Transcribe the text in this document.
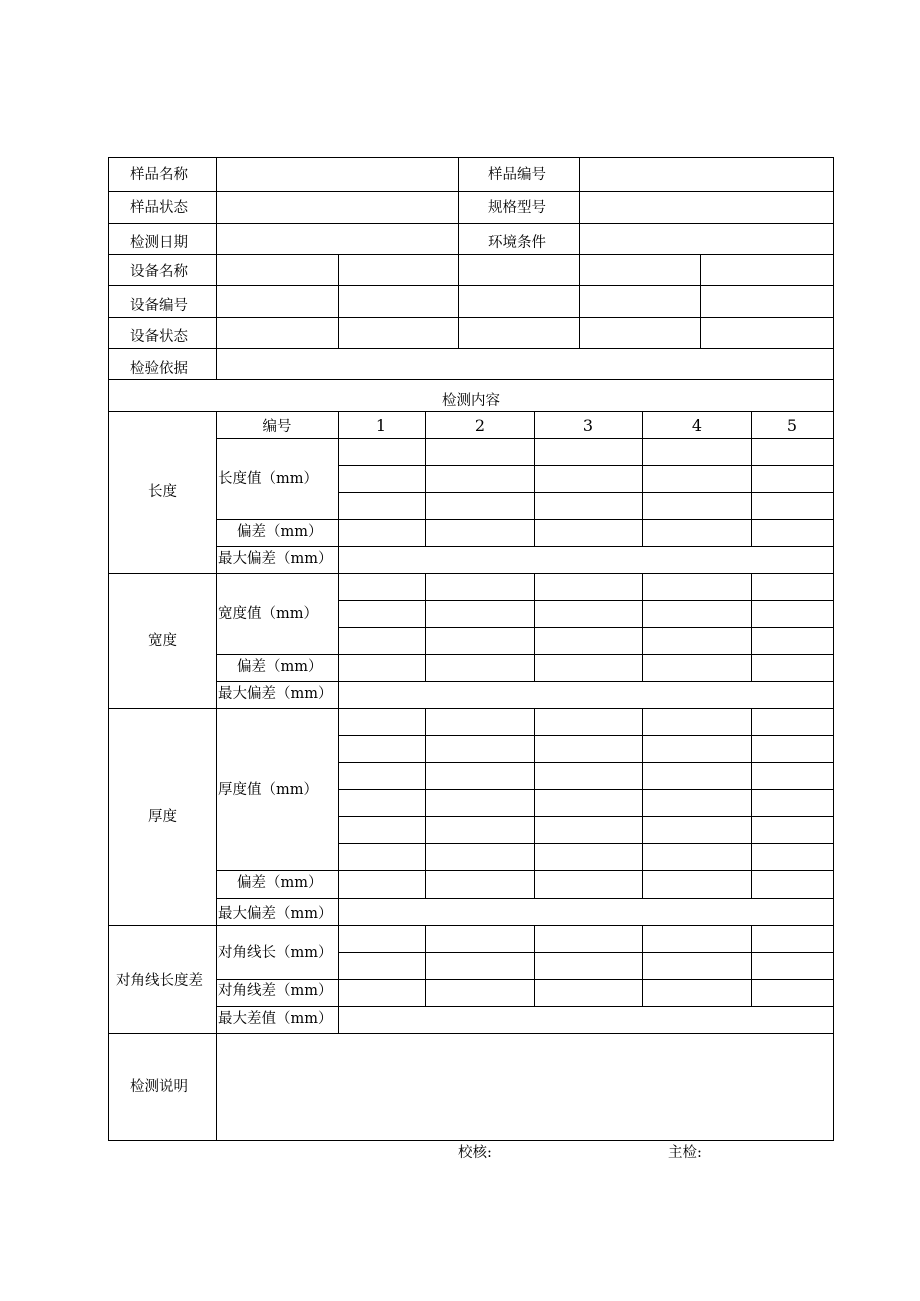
样品名称	样品编号
样品状态	规格型号
检测日期	环境条件
设备名称
设备编号
设备状态
检验依据
检测内容
编号	1	2	3	4	5
长度
长度值（mm）
偏差（mm）
最大偏差（mm）
宽度
宽度值（mm）
偏差（mm）
最大偏差（mm）
厚度
厚度值（mm）
偏差（mm）
最大偏差（mm）
对角线长度差
对角线长（mm）
对角线差（mm）
最大差值（mm）
检测说明
校核:	主检:
